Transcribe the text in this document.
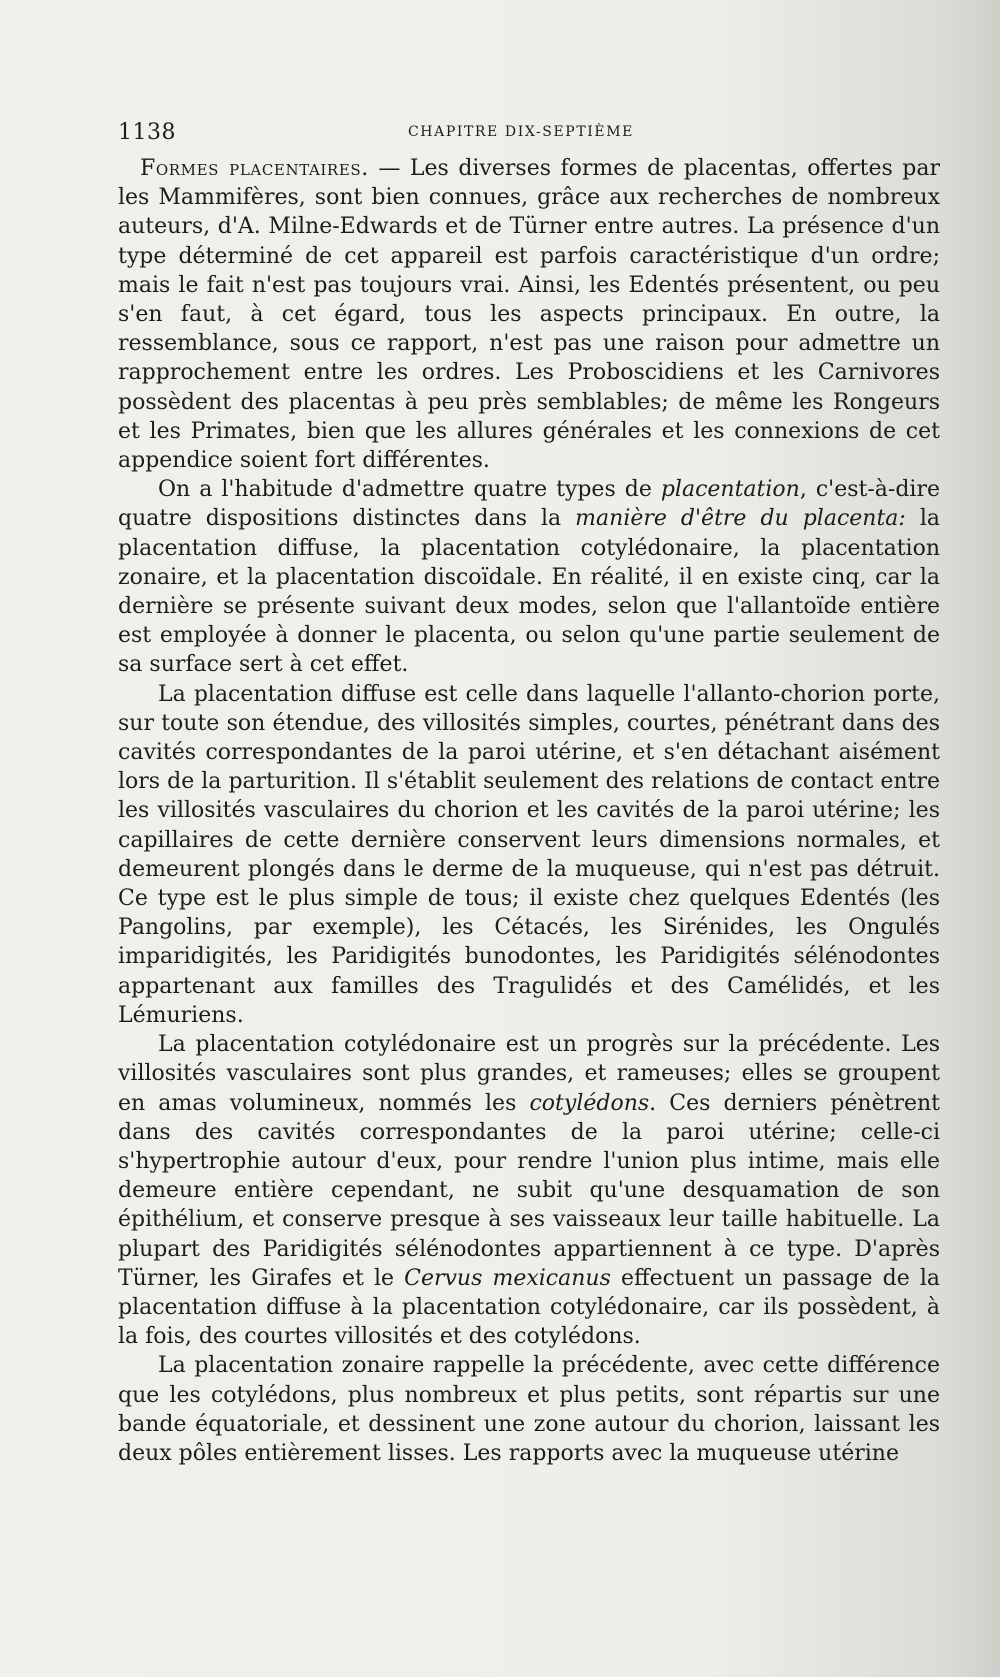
1138	CHAPITRE DIX-SEPTIÈME

Formes placentaires. — Les diverses formes de placentas, offertes par les Mammifères, sont bien connues, grâce aux recherches de nombreux auteurs, d'A. Milne-Edwards et de Türner entre autres. La présence d'un type déterminé de cet appareil est parfois caractéristique d'un ordre; mais le fait n'est pas toujours vrai. Ainsi, les Edentés présentent, ou peu s'en faut, à cet égard, tous les aspects principaux. En outre, la ressemblance, sous ce rapport, n'est pas une raison pour admettre un rapprochement entre les ordres. Les Proboscidiens et les Carnivores possèdent des placentas à peu près semblables; de même les Rongeurs et les Primates, bien que les allures générales et les connexions de cet appendice soient fort différentes.

On a l'habitude d'admettre quatre types de placentation, c'est-à-dire quatre dispositions distinctes dans la manière d'être du placenta: la placentation diffuse, la placentation cotylédonaire, la placentation zonaire, et la placentation discoïdale. En réalité, il en existe cinq, car la dernière se présente suivant deux modes, selon que l'allantoïde entière est employée à donner le placenta, ou selon qu'une partie seulement de sa surface sert à cet effet.

La placentation diffuse est celle dans laquelle l'allanto-chorion porte, sur toute son étendue, des villosités simples, courtes, pénétrant dans des cavités correspondantes de la paroi utérine, et s'en détachant aisément lors de la parturition. Il s'établit seulement des relations de contact entre les villosités vasculaires du chorion et les cavités de la paroi utérine; les capillaires de cette dernière conservent leurs dimensions normales, et demeurent plongés dans le derme de la muqueuse, qui n'est pas détruit. Ce type est le plus simple de tous; il existe chez quelques Edentés (les Pangolins, par exemple), les Cétacés, les Sirénides, les Ongulés imparidigités, les Paridigités bunodontes, les Paridigités sélénodontes appartenant aux familles des Tragulidés et des Camélidés, et les Lémuriens.

La placentation cotylédonaire est un progrès sur la précédente. Les villosités vasculaires sont plus grandes, et rameuses; elles se groupent en amas volumineux, nommés les cotylédons. Ces derniers pénètrent dans des cavités correspondantes de la paroi utérine; celle-ci s'hypertrophie autour d'eux, pour rendre l'union plus intime, mais elle demeure entière cependant, ne subit qu'une desquamation de son épithélium, et conserve presque à ses vaisseaux leur taille habituelle. La plupart des Paridigités sélénodontes appartiennent à ce type. D'après Türner, les Girafes et le Cervus mexicanus effectuent un passage de la placentation diffuse à la placentation cotylédonaire, car ils possèdent, à la fois, des courtes villosités et des cotylédons.

La placentation zonaire rappelle la précédente, avec cette différence que les cotylédons, plus nombreux et plus petits, sont répartis sur une bande équatoriale, et dessinent une zone autour du chorion, laissant les deux pôles entièrement lisses. Les rapports avec la muqueuse utérine
